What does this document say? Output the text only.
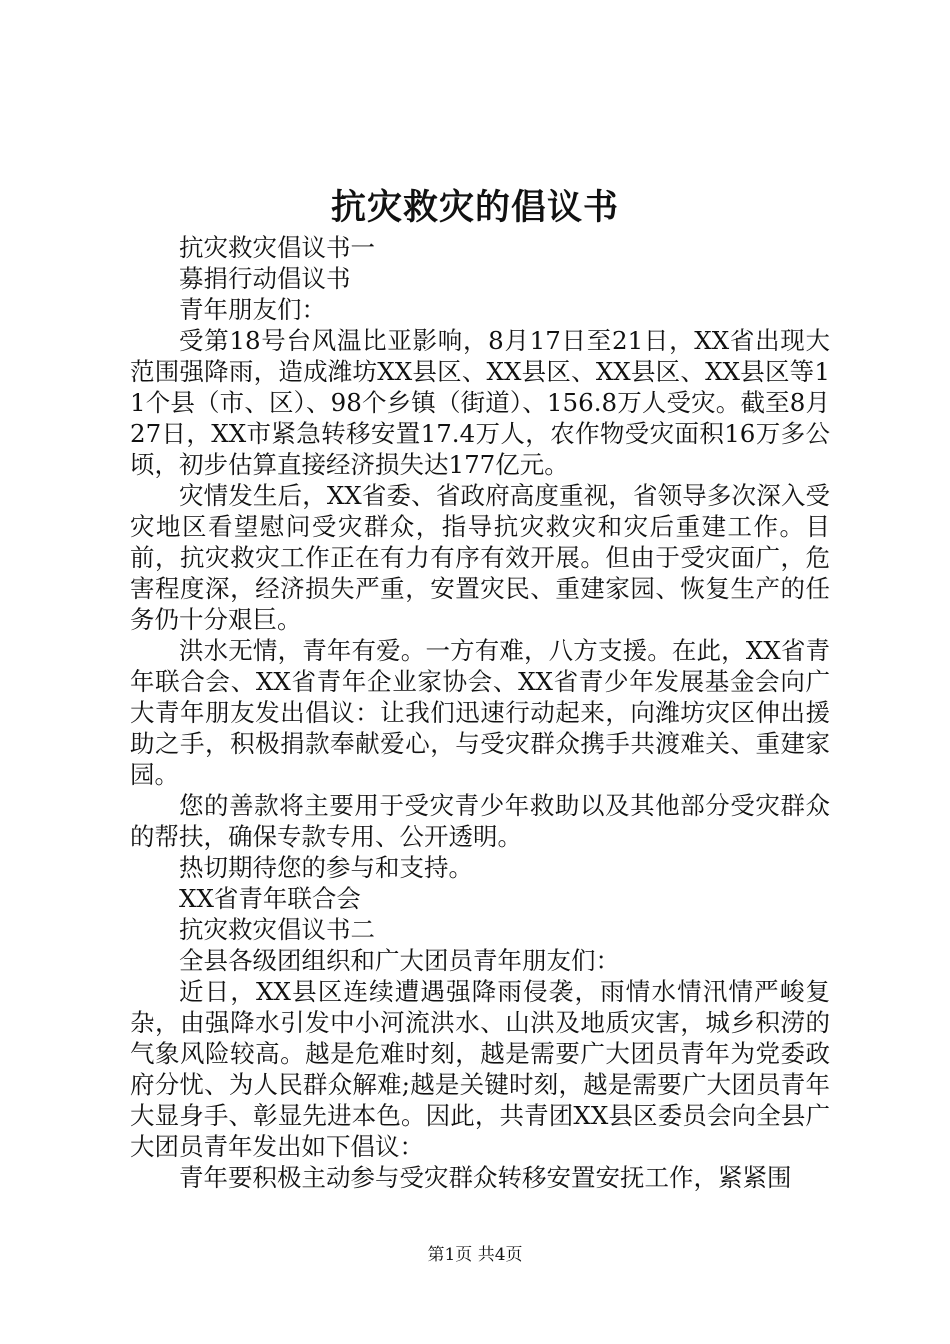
抗灾救灾的倡议书

抗灾救灾倡议书一

募捐行动倡议书

青年朋友们：

受第18号台风温比亚影响，8月17日至21日，XX省出现大范围强降雨，造成潍坊XX县区、XX县区、XX县区、XX县区等11个县（市、区）、98个乡镇（街道）、156.8万人受灾。截至8月27日，XX市紧急转移安置17.4万人，农作物受灾面积16万多公顷，初步估算直接经济损失达177亿元。

灾情发生后，XX省委、省政府高度重视，省领导多次深入受灾地区看望慰问受灾群众，指导抗灾救灾和灾后重建工作。目前，抗灾救灾工作正在有力有序有效开展。但由于受灾面广，危害程度深，经济损失严重，安置灾民、重建家园、恢复生产的任务仍十分艰巨。

洪水无情，青年有爱。一方有难，八方支援。在此，XX省青年联合会、XX省青年企业家协会、XX省青少年发展基金会向广大青年朋友发出倡议：让我们迅速行动起来，向潍坊灾区伸出援助之手，积极捐款奉献爱心，与受灾群众携手共渡难关、重建家园。

您的善款将主要用于受灾青少年救助以及其他部分受灾群众的帮扶，确保专款专用、公开透明。

热切期待您的参与和支持。

XX省青年联合会

抗灾救灾倡议书二

全县各级团组织和广大团员青年朋友们：

近日，XX县区连续遭遇强降雨侵袭，雨情水情汛情严峻复杂，由强降水引发中小河流洪水、山洪及地质灾害，城乡积涝的气象风险较高。越是危难时刻，越是需要广大团员青年为党委政府分忧、为人民群众解难;越是关键时刻，越是需要广大团员青年大显身手、彰显先进本色。因此，共青团XX县区委员会向全县广大团员青年发出如下倡议：

青年要积极主动参与受灾群众转移安置安抚工作，紧紧围

第1页 共4页
